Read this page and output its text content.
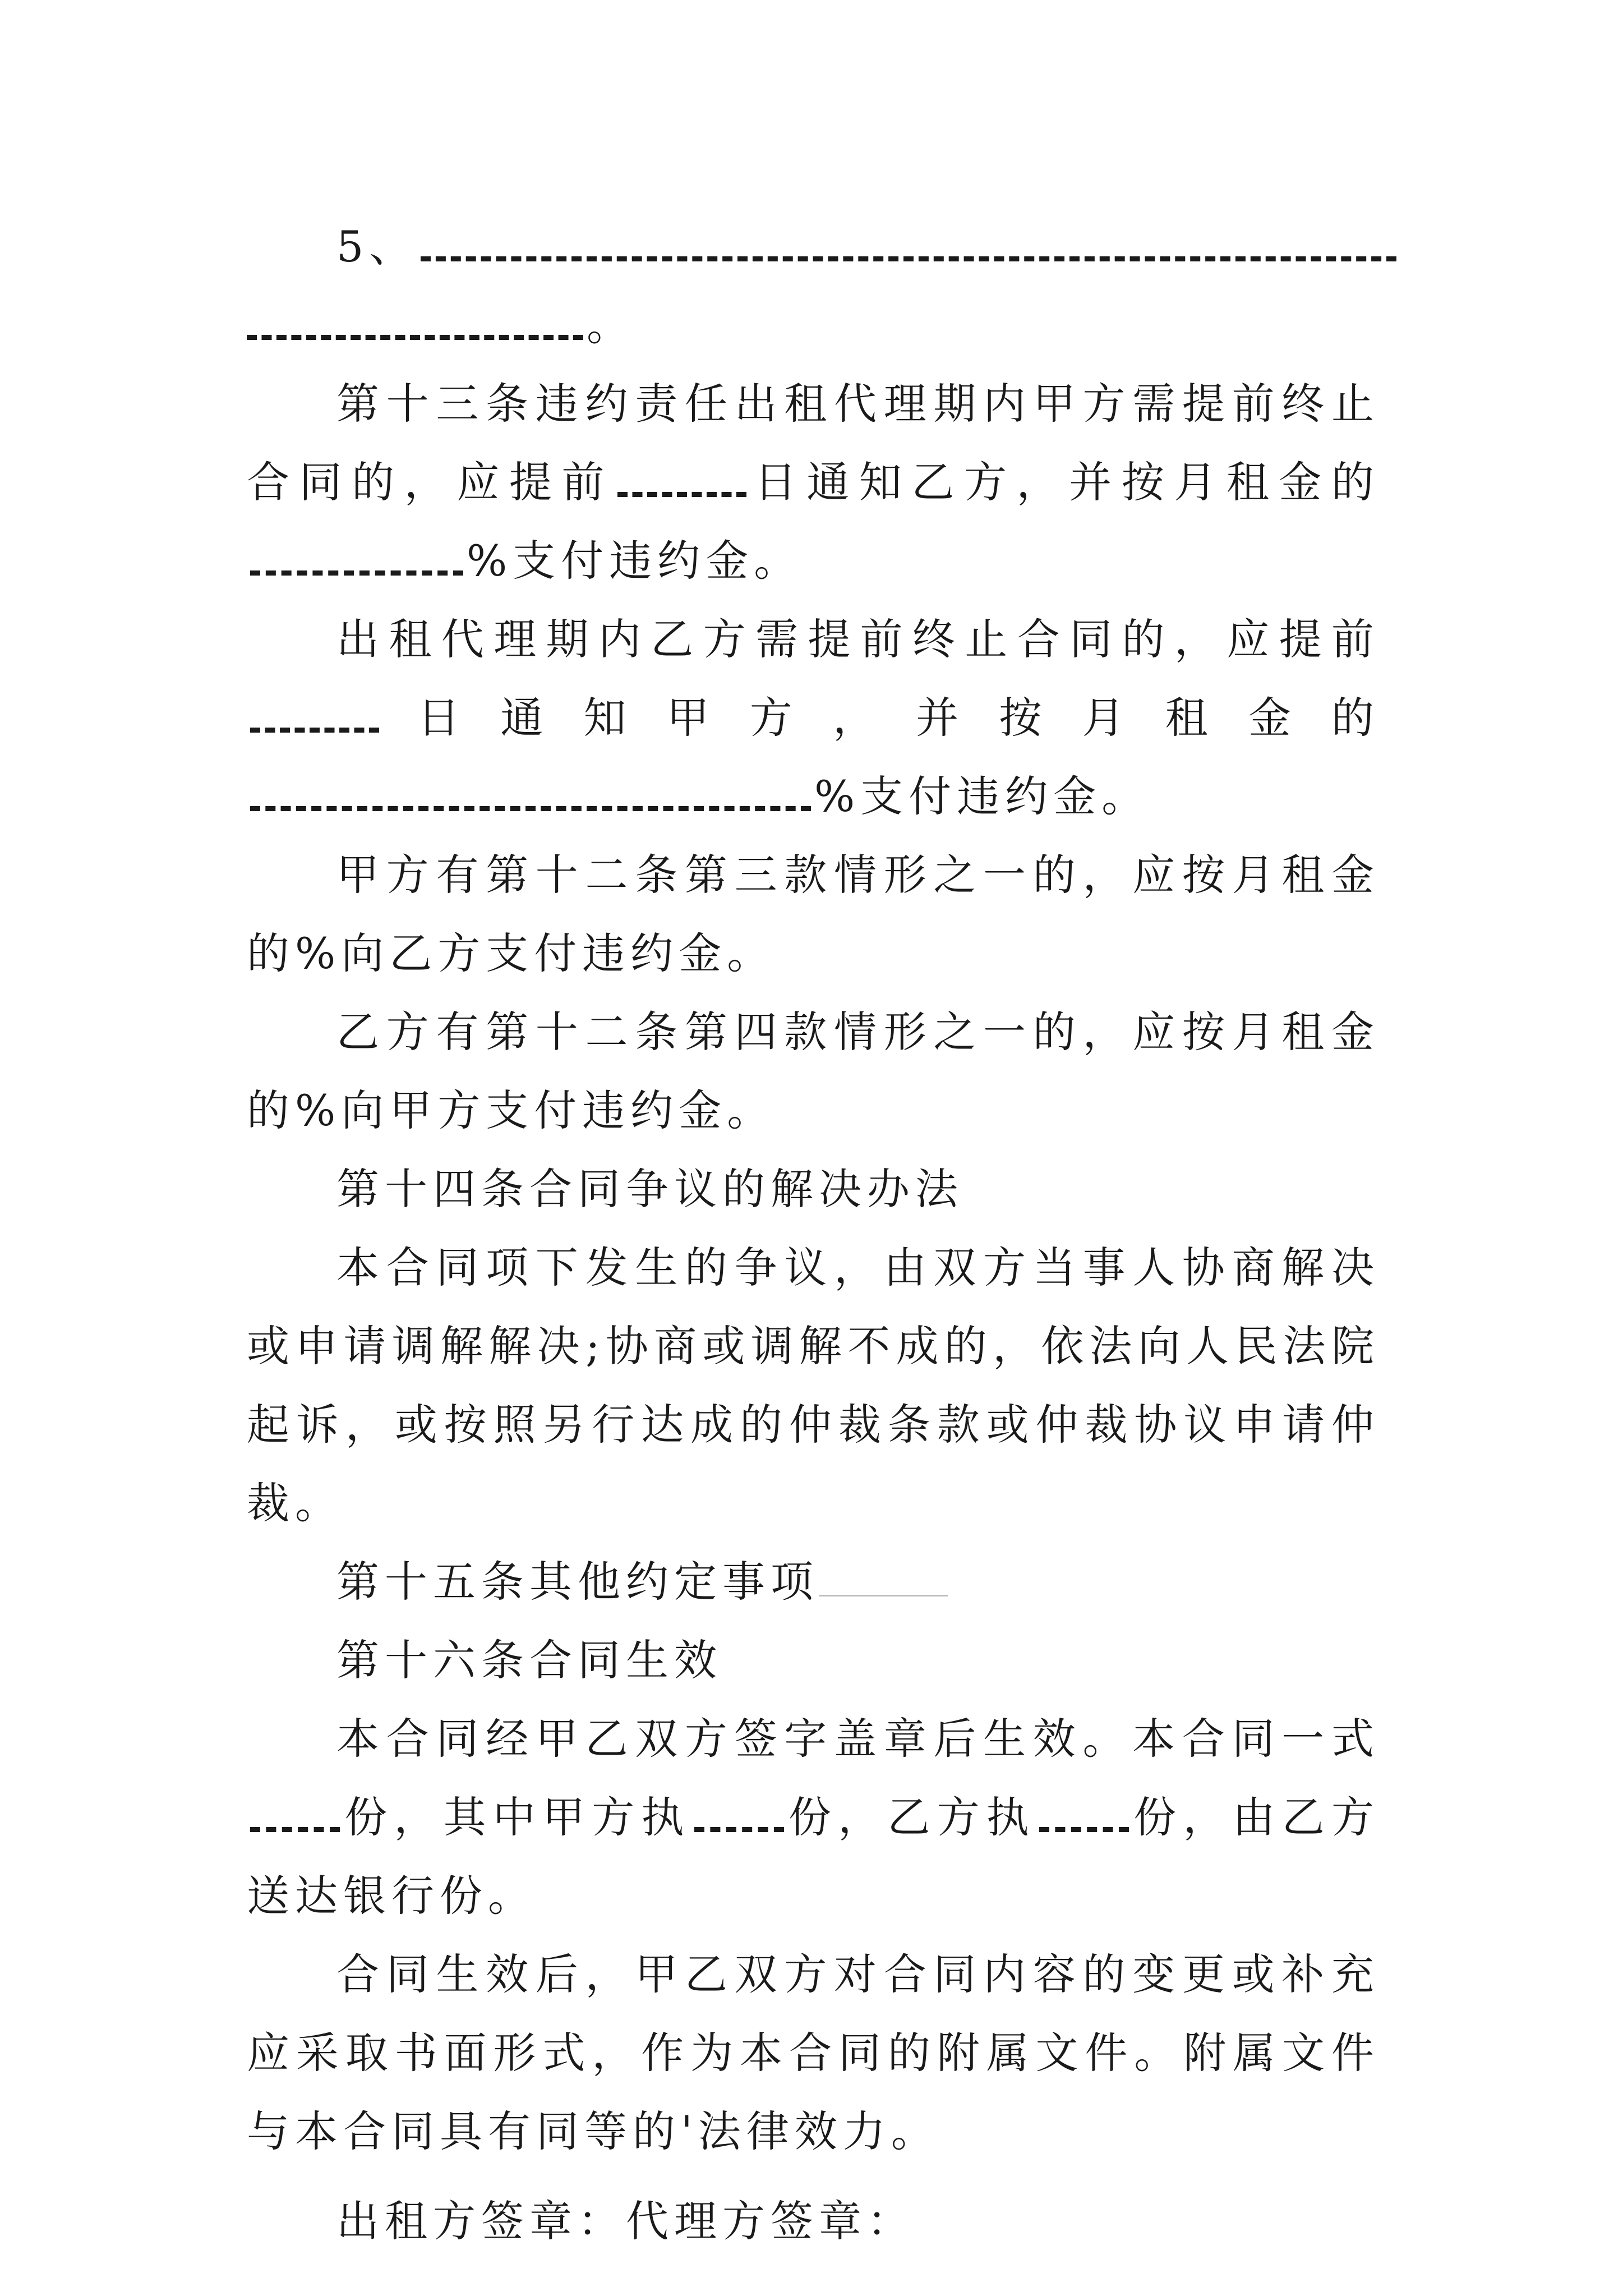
5、

。

第十三条违约责任出租代理期内甲方需提前终止合同的，应提前	日通知乙方，并按月租金的%支付违约金。

出租代理期内乙方需提前终止合同的，应提前日通知甲方，并按月租金的%支付违约金。

甲方有第十二条第三款情形之一的，应按月租金的%向乙方支付违约金。

乙方有第十二条第四款情形之一的，应按月租金的%向甲方支付违约金。

第十四条合同争议的解决办法

本合同项下发生的争议，由双方当事人协商解决或申请调解解决;协商或调解不成的，依法向人民法院起诉，或按照另行达成的仲裁条款或仲裁协议申请仲裁。

第十五条其他约定事项

第十六条合同生效

本合同经甲乙双方签字盖章后生效。本合同一式份，其中甲方执 份，乙方执 份，由乙方送达银行份。

合同生效后，甲乙双方对合同内容的变更或补充应采取书面形式，作为本合同的附属文件。附属文件与本合同具有同等的'法律效力。

出租方签章：代理方签章：
